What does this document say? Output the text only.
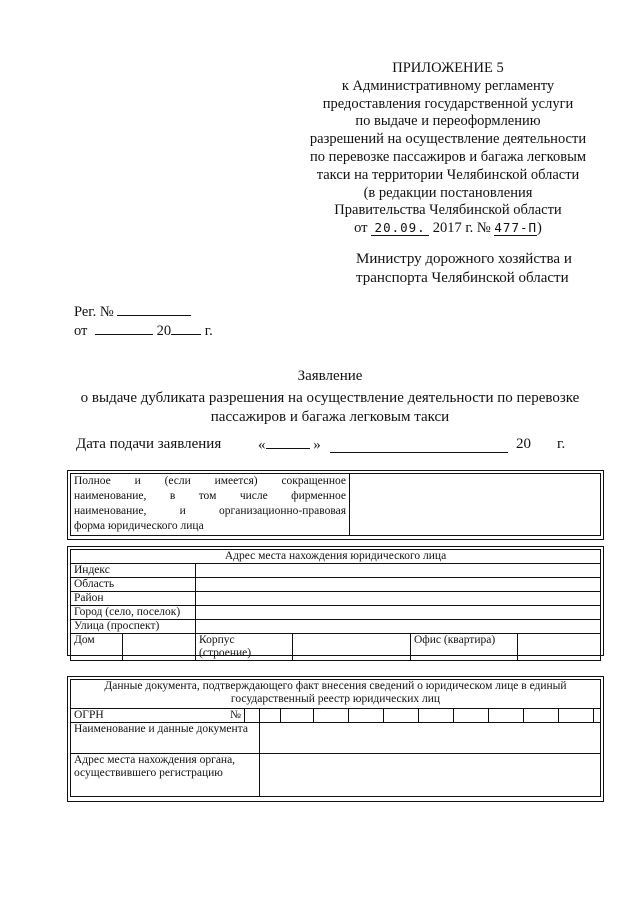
ПРИЛОЖЕНИЕ 5
к Административному регламенту
предоставления государственной услуги
по выдаче и переоформлению
разрешений на осуществление деятельности
по перевозке пассажиров и багажа легковым
такси на территории Челябинской области
(в редакции постановления
Правительства Челябинской области
от 20.09. 2017 г. № 477-П)
Министру дорожного хозяйства и
транспорта Челябинской области
Рег. №
от	20 г.
Заявление
о выдаче дубликата разрешения на осуществление деятельности по перевозке
пассажиров и багажа легковым такси
Дата подачи заявления «	»	20 г.
Полное и (если имеется) сокращенное
наименование, в том числе фирменное
наименование,	и	организационно-правовая
форма юридического лица

Адрес места нахождения юридического лица					
Индекс					
Область					
Район					
Город (село, поселок)					
Улица (проспект)					
Дом		Корпус (строение)		Офис (квартира)	
Данные документа, подтверждающего факт внесения сведений о юридическом лице в единый
государственный реестр юридических лиц												

ОГРН №												

Наименование и данные документа												
Адрес места нахождения органа, осуществившего регистрацию												
